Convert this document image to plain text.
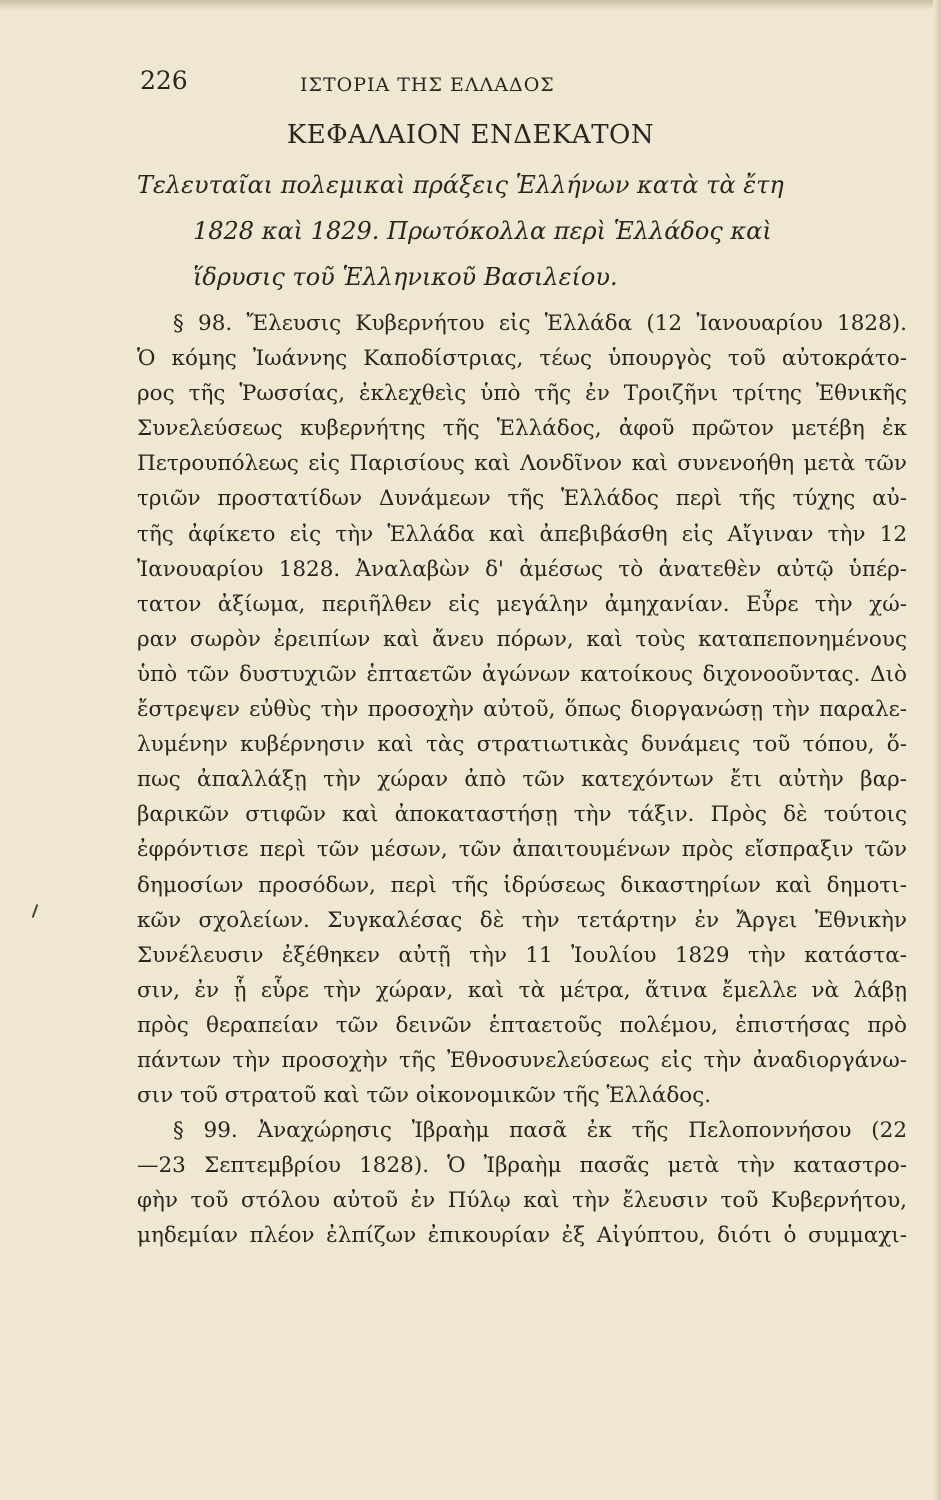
226	ΙΣΤΟΡΙΑ ΤΗΣ ΕΛΛΑΔΟΣ
ΚΕΦΑΛΑΙΟΝ ΕΝΔΕΚΑΤΟΝ
Τελευταῖαι πολεμικαὶ πράξεις Ἑλλήνων κατὰ τὰ ἔτη
1828 καὶ 1829. Πρωτόκολλα περὶ Ἑλλάδος καὶ
ἵδρυσις τοῦ Ἑλληνικοῦ Βασιλείου.
§ 98. Ἔλευσις Κυβερνήτου εἰς Ἑλλάδα (12 Ἰανουαρίου 1828).
Ὁ κόμης Ἰωάννης Καποδίστριας, τέως ὑπουργὸς τοῦ αὐτοκράτο-
ρος τῆς Ῥωσσίας, ἐκλεχθεὶς ὑπὸ τῆς ἐν Τροιζῆνι τρίτης Ἐθνικῆς
Συνελεύσεως κυβερνήτης τῆς Ἑλλάδος, ἀφοῦ πρῶτον μετέβη ἐκ
Πετρουπόλεως εἰς Παρισίους καὶ Λονδῖνον καὶ συνενοήθη μετὰ τῶν
τριῶν προστατίδων Δυνάμεων τῆς Ἑλλάδος περὶ τῆς τύχης αὐ-
τῆς ἀφίκετο εἰς τὴν Ἑλλάδα καὶ ἀπεβιβάσθη εἰς Αἴγιναν τὴν 12
Ἰανουαρίου 1828. Ἀναλαβὼν δ' ἀμέσως τὸ ἀνατεθὲν αὐτῷ ὑπέρ-
τατον ἀξίωμα, περιῆλθεν εἰς μεγάλην ἀμηχανίαν. Εὗρε τὴν χώ-
ραν σωρὸν ἐρειπίων καὶ ἄνευ πόρων, καὶ τοὺς καταπεπονημένους
ὑπὸ τῶν δυστυχιῶν ἑπταετῶν ἀγώνων κατοίκους διχονοοῦντας. Διὸ
ἔστρεψεν εὐθὺς τὴν προσοχὴν αὐτοῦ, ὅπως διοργανώσῃ τὴν παραλε-
λυμένην κυβέρνησιν καὶ τὰς στρατιωτικὰς δυνάμεις τοῦ τόπου, ὅ-
πως ἀπαλλάξῃ τὴν χώραν ἀπὸ τῶν κατεχόντων ἔτι αὐτὴν βαρ-
βαρικῶν στιφῶν καὶ ἀποκαταστήσῃ τὴν τάξιν. Πρὸς δὲ τούτοις
ἐφρόντισε περὶ τῶν μέσων, τῶν ἀπαιτουμένων πρὸς εἴσπραξιν τῶν
δημοσίων προσόδων, περὶ τῆς ἱδρύσεως δικαστηρίων καὶ δημοτι-
κῶν σχολείων. Συγκαλέσας δὲ τὴν τετάρτην ἐν Ἄργει Ἐθνικὴν
Συνέλευσιν ἐξέθηκεν αὐτῇ τὴν 11 Ἰουλίου 1829 τὴν κατάστα-
σιν, ἐν ᾗ εὗρε τὴν χώραν, καὶ τὰ μέτρα, ἅτινα ἔμελλε νὰ λάβῃ
πρὸς θεραπείαν τῶν δεινῶν ἑπταετοῦς πολέμου, ἐπιστήσας πρὸ
πάντων τὴν προσοχὴν τῆς Ἐθνοσυνελεύσεως εἰς τὴν ἀναδιοργάνω-
σιν τοῦ στρατοῦ καὶ τῶν οἰκονομικῶν τῆς Ἑλλάδος.
§ 99. Ἀναχώρησις Ἰβραὴμ πασᾶ ἐκ τῆς Πελοποννήσου (22
—23 Σεπτεμβρίου 1828). Ὁ Ἰβραὴμ πασᾶς μετὰ τὴν καταστρο-
φὴν τοῦ στόλου αὐτοῦ ἐν Πύλῳ καὶ τὴν ἔλευσιν τοῦ Κυβερνήτου,
μηδεμίαν πλέον ἐλπίζων ἐπικουρίαν ἐξ Αἰγύπτου, διότι ὁ συμμαχι-
